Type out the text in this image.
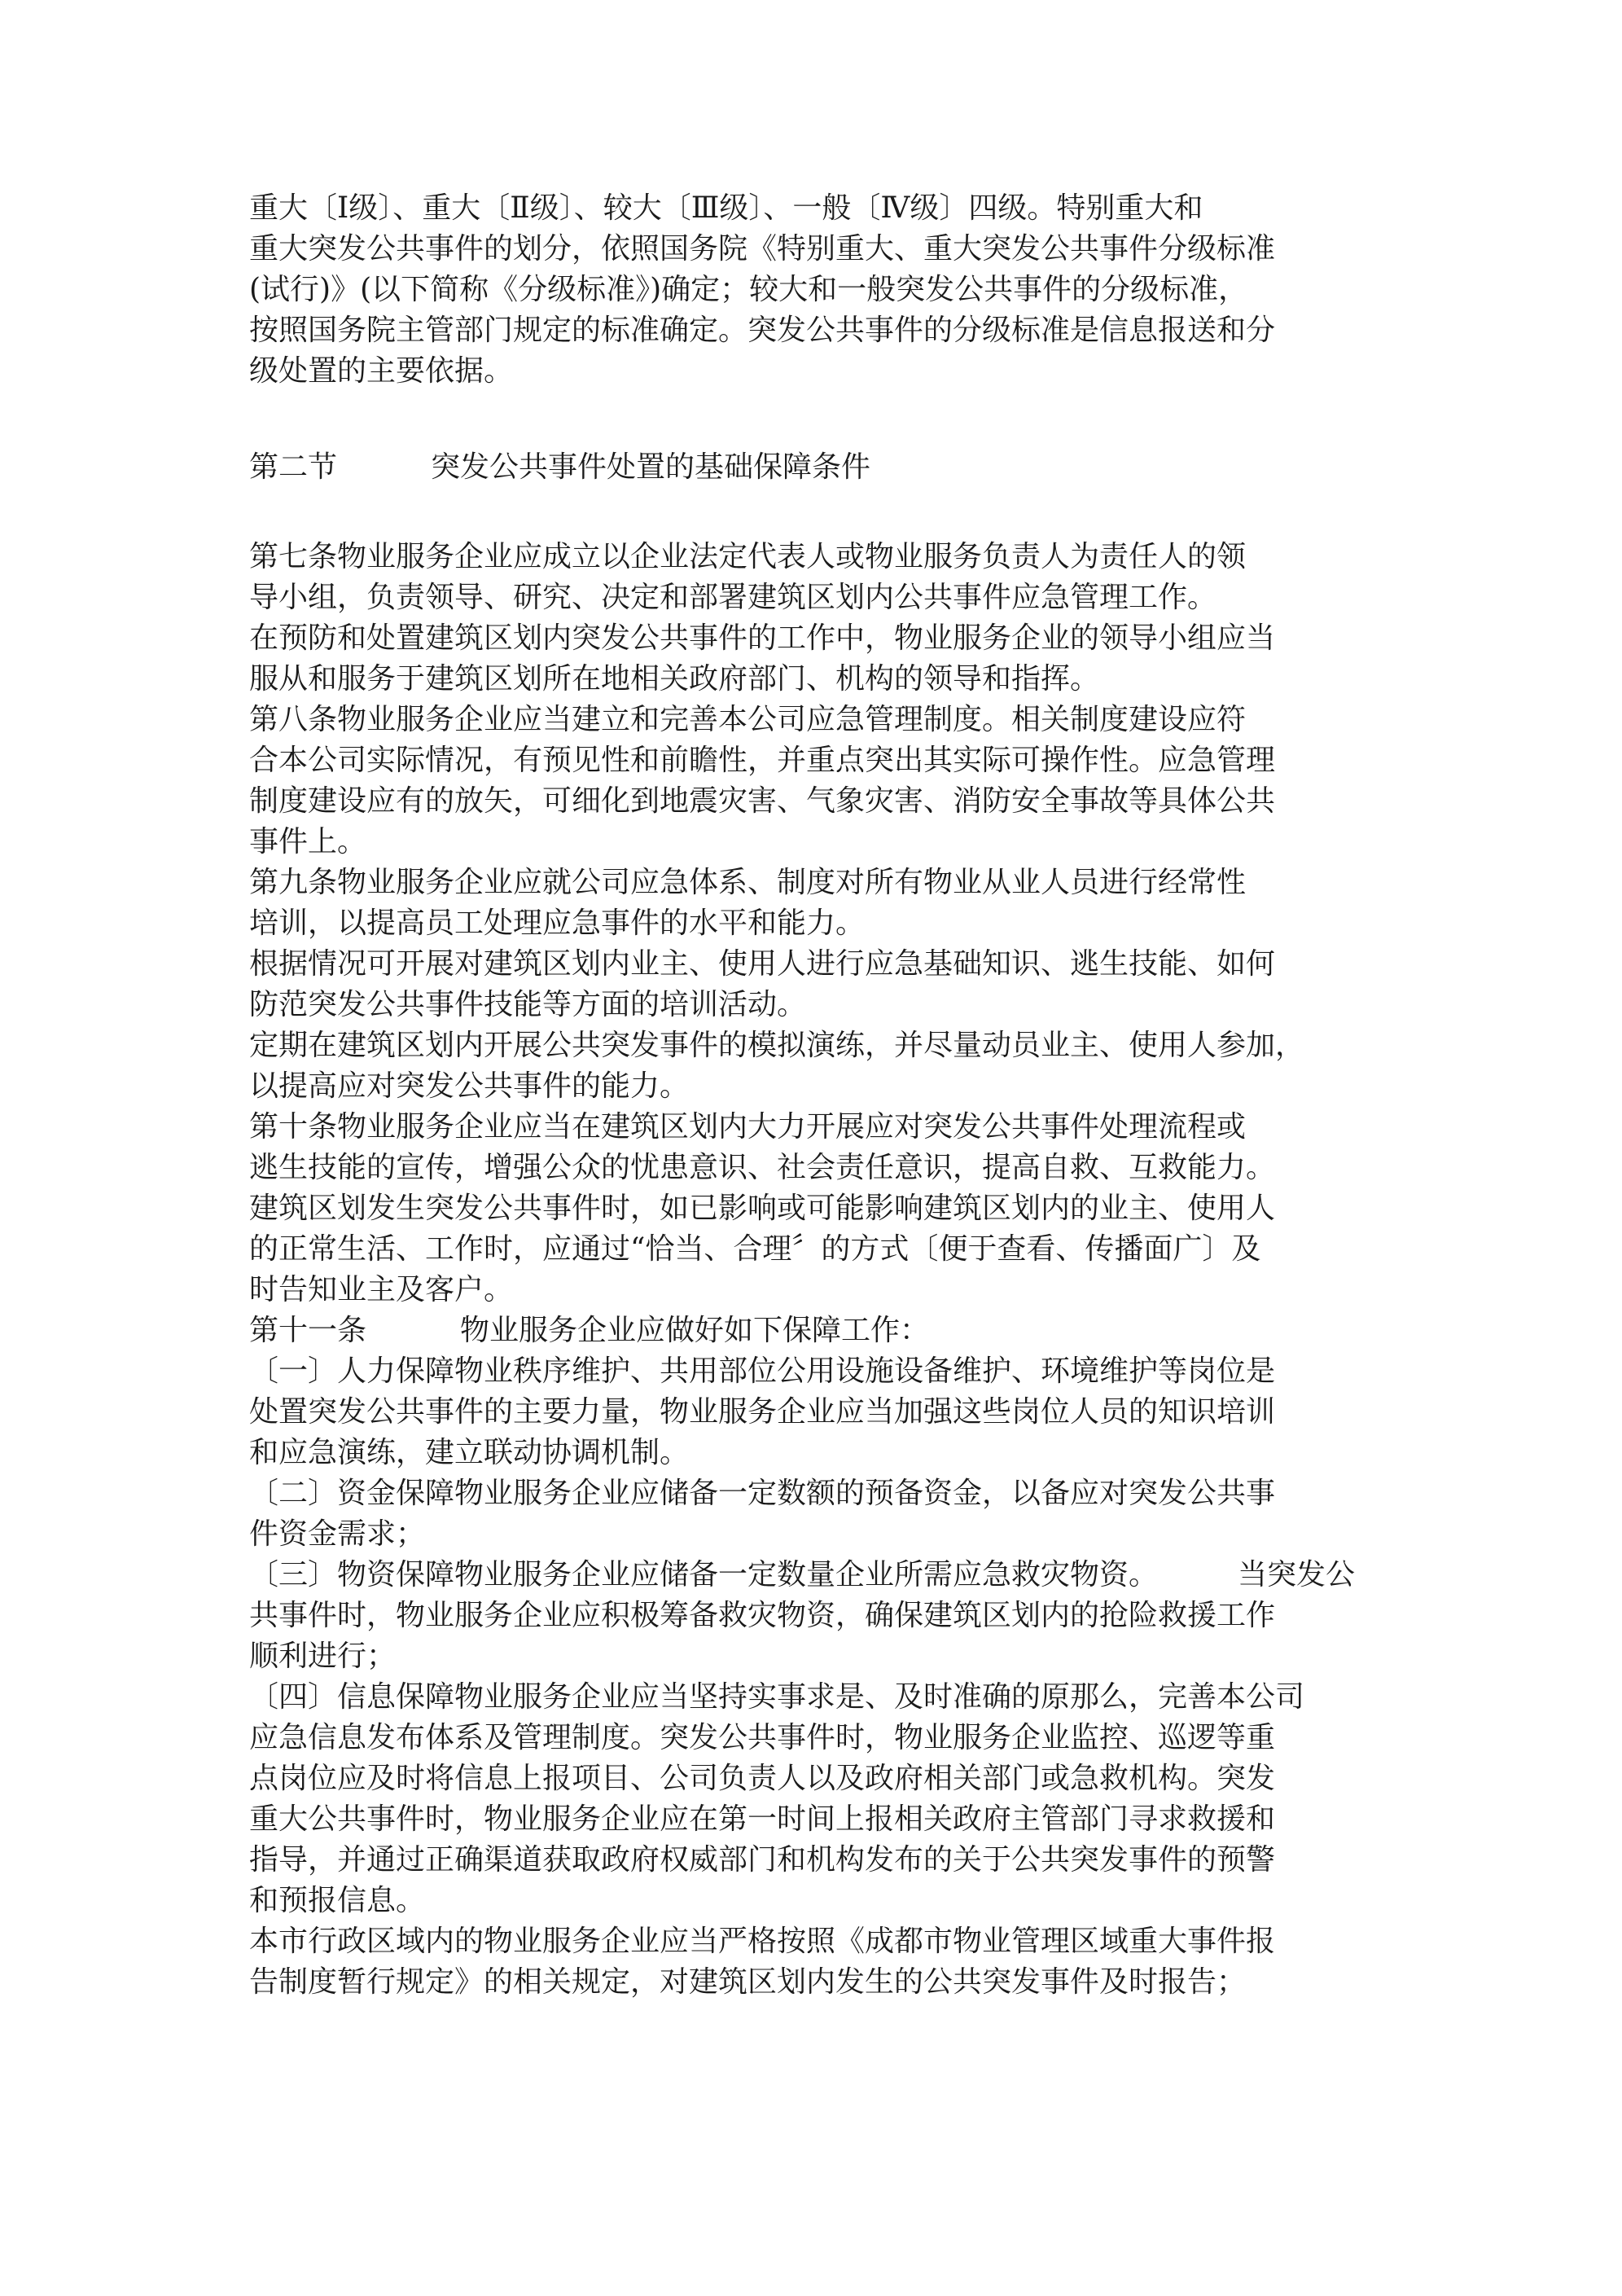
重大〔Ⅰ级〕、重大〔Ⅱ级〕、较大〔Ⅲ级〕、一般〔Ⅳ级〕四级。特别重大和
重大突发公共事件的划分，依照国务院《特别重大、重大突发公共事件分级标准
(试行)》(以下简称《分级标准》)确定；较大和一般突发公共事件的分级标准，
按照国务院主管部门规定的标准确定。突发公共事件的分级标准是信息报送和分
级处置的主要依据。
第二节	突发公共事件处置的基础保障条件
第七条物业服务企业应成立以企业法定代表人或物业服务负责人为责任人的领
导小组，负责领导、研究、决定和部署建筑区划内公共事件应急管理工作。
在预防和处置建筑区划内突发公共事件的工作中，物业服务企业的领导小组应当
服从和服务于建筑区划所在地相关政府部门、机构的领导和指挥。
第八条物业服务企业应当建立和完善本公司应急管理制度。相关制度建设应符
合本公司实际情况，有预见性和前瞻性，并重点突出其实际可操作性。应急管理
制度建设应有的放矢，可细化到地震灾害、气象灾害、消防安全事故等具体公共
事件上。
第九条物业服务企业应就公司应急体系、制度对所有物业从业人员进行经常性
培训，以提高员工处理应急事件的水平和能力。
根据情况可开展对建筑区划内业主、使用人进行应急基础知识、逃生技能、如何
防范突发公共事件技能等方面的培训活动。
定期在建筑区划内开展公共突发事件的模拟演练，并尽量动员业主、使用人参加，
以提高应对突发公共事件的能力。
第十条物业服务企业应当在建筑区划内大力开展应对突发公共事件处理流程或
逃生技能的宣传，增强公众的忧患意识、社会责任意识，提高自救、互救能力。
建筑区划发生突发公共事件时，如已影响或可能影响建筑区划内的业主、使用人
的正常生活、工作时，应通过“恰当、合理〞的方式〔便于查看、传播面广〕及
时告知业主及客户。
第十一条	物业服务企业应做好如下保障工作：
〔一〕人力保障物业秩序维护、共用部位公用设施设备维护、环境维护等岗位是
处置突发公共事件的主要力量，物业服务企业应当加强这些岗位人员的知识培训
和应急演练，建立联动协调机制。
〔二〕资金保障物业服务企业应储备一定数额的预备资金，以备应对突发公共事
件资金需求；
〔三〕物资保障物业服务企业应储备一定数量企业所需应急救灾物资。	当突发公
共事件时，物业服务企业应积极筹备救灾物资，确保建筑区划内的抢险救援工作
顺利进行；
〔四〕信息保障物业服务企业应当坚持实事求是、及时准确的原那么，完善本公司
应急信息发布体系及管理制度。突发公共事件时，物业服务企业监控、巡逻等重
点岗位应及时将信息上报项目、公司负责人以及政府相关部门或急救机构。突发
重大公共事件时，物业服务企业应在第一时间上报相关政府主管部门寻求救援和
指导，并通过正确渠道获取政府权威部门和机构发布的关于公共突发事件的预警
和预报信息。
本市行政区域内的物业服务企业应当严格按照《成都市物业管理区域重大事件报
告制度暂行规定》的相关规定，对建筑区划内发生的公共突发事件及时报告；
